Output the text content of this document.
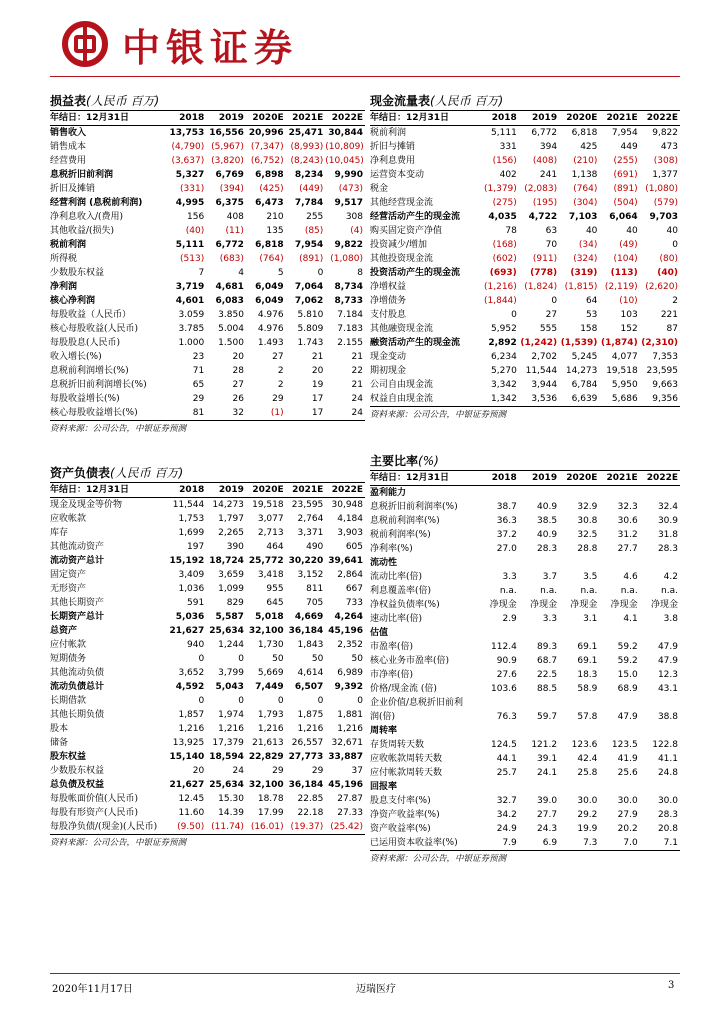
中银证券
损益表(人民币 百万)
年结日：12月31日	2018	2019	2020E	2021E	2022E
销售收入	13,753	16,556	20,996	25,471	30,844
销售成本	(4,790)	(5,967)	(7,347)	(8,993)	(10,809)
经营费用	(3,637)	(3,820)	(6,752)	(8,243)	(10,045)
息税折旧前利润	5,327	6,769	6,898	8,234	9,990
折旧及摊销	(331)	(394)	(425)	(449)	(473)
经营利润 (息税前利润)	4,995	6,375	6,473	7,784	9,517
净利息收入/(费用)	156	408	210	255	308
其他收益/(损失)	(40)	(11)	135	(85)	(4)
税前利润	5,111	6,772	6,818	7,954	9,822
所得税	(513)	(683)	(764)	(891)	(1,080)
少数股东权益	7	4	5	0	8
净利润	3,719	4,681	6,049	7,064	8,734
核心净利润	4,601	6,083	6,049	7,062	8,733
每股收益（人民币）	3.059	3.850	4.976	5.810	7.184
核心每股收益(人民币)	3.785	5.004	4.976	5.809	7.183
每股股息(人民币)	1.000	1.500	1.493	1.743	2.155
收入增长(%)	23	20	27	21	21
息税前利润增长(%)	71	28	2	20	22
息税折旧前利润增长(%)	65	27	2	19	21
每股收益增长(%)	29	26	29	17	24
核心每股收益增长(%)	81	32	(1)	17	24
资料来源：公司公告，中银证券预测
资产负债表(人民币 百万)
年结日：12月31日	2018	2019	2020E	2021E	2022E
现金及现金等价物	11,544	14,273	19,518	23,595	30,948
应收帐款	1,753	1,797	3,077	2,764	4,184
库存	1,699	2,265	2,713	3,371	3,903
其他流动资产	197	390	464	490	605
流动资产总计	15,192	18,724	25,772	30,220	39,641
固定资产	3,409	3,659	3,418	3,152	2,864
无形资产	1,036	1,099	955	811	667
其他长期资产	591	829	645	705	733
长期资产总计	5,036	5,587	5,018	4,669	4,264
总资产	21,627	25,634	32,100	36,184	45,196
应付帐款	940	1,244	1,730	1,843	2,352
短期债务	0	0	50	50	50
其他流动负债	3,652	3,799	5,669	4,614	6,989
流动负债总计	4,592	5,043	7,449	6,507	9,392
长期借款	0	0	0	0	0
其他长期负债	1,857	1,974	1,793	1,875	1,881
股本	1,216	1,216	1,216	1,216	1,216
储备	13,925	17,379	21,613	26,557	32,671
股东权益	15,140	18,594	22,829	27,773	33,887
少数股东权益	20	24	29	29	37
总负债及权益	21,627	25,634	32,100	36,184	45,196
每股帐面价值(人民币)	12.45	15.30	18.78	22.85	27.87
每股有形资产(人民币)	11.60	14.39	17.99	22.18	27.33
每股净负债/(现金)(人民币)	(9.50)	(11.74)	(16.01)	(19.37)	(25.42)
资料来源：公司公告，中银证券预测
现金流量表(人民币 百万)
年结日：12月31日	2018	2019	2020E	2021E	2022E
税前利润	5,111	6,772	6,818	7,954	9,822
折旧与摊销	331	394	425	449	473
净利息费用	(156)	(408)	(210)	(255)	(308)
运营资本变动	402	241	1,138	(691)	1,377
税金	(1,379)	(2,083)	(764)	(891)	(1,080)
其他经营现金流	(275)	(195)	(304)	(504)	(579)
经营活动产生的现金流	4,035	4,722	7,103	6,064	9,703
购买固定资产净值	78	63	40	40	40
投资减少/增加	(168)	70	(34)	(49)	0
其他投资现金流	(602)	(911)	(324)	(104)	(80)
投资活动产生的现金流	(693)	(778)	(319)	(113)	(40)
净增权益	(1,216)	(1,824)	(1,815)	(2,119)	(2,620)
净增债务	(1,844)	0	64	(10)	2
支付股息	0	27	53	103	221
其他融资现金流	5,952	555	158	152	87
融资活动产生的现金流	2,892	(1,242)	(1,539)	(1,874)	(2,310)
现金变动	6,234	2,702	5,245	4,077	7,353
期初现金	5,270	11,544	14,273	19,518	23,595
公司自由现金流	3,342	3,944	6,784	5,950	9,663
权益自由现金流	1,342	3,536	6,639	5,686	9,356
资料来源：公司公告，中银证券预测
主要比率(%)
年结日：12月31日	2018	2019	2020E	2021E	2022E
盈利能力					
息税折旧前利润率(%)	38.7	40.9	32.9	32.3	32.4
息税前利润率(%)	36.3	38.5	30.8	30.6	30.9
税前利润率(%)	37.2	40.9	32.5	31.2	31.8
净利率(%)	27.0	28.3	28.8	27.7	28.3
流动性					
流动比率(倍)	3.3	3.7	3.5	4.6	4.2
利息覆盖率(倍)	n.a.	n.a.	n.a.	n.a.	n.a.
净权益负债率(%)	净现金	净现金	净现金	净现金	净现金
速动比率(倍)	2.9	3.3	3.1	4.1	3.8
估值					
市盈率(倍)	112.4	89.3	69.1	59.2	47.9
核心业务市盈率(倍)	90.9	68.7	69.1	59.2	47.9
市净率(倍)	27.6	22.5	18.3	15.0	12.3
价格/现金流 (倍)	103.6	88.5	58.9	68.9	43.1
企业价值/息税折旧前利					
润(倍)	76.3	59.7	57.8	47.9	38.8
周转率					
存货周转天数	124.5	121.2	123.6	123.5	122.8
应收帐款周转天数	44.1	39.1	42.4	41.9	41.1
应付帐款周转天数	25.7	24.1	25.8	25.6	24.8
回报率					
股息支付率(%)	32.7	39.0	30.0	30.0	30.0
净资产收益率(%)	34.2	27.7	29.2	27.9	28.3
资产收益率(%)	24.9	24.3	19.9	20.2	20.8
已运用资本收益率(%)	7.9	6.9	7.3	7.0	7.1
资料来源：公司公告，中银证券预测
2020年11月17日	迈瑞医疗	3
